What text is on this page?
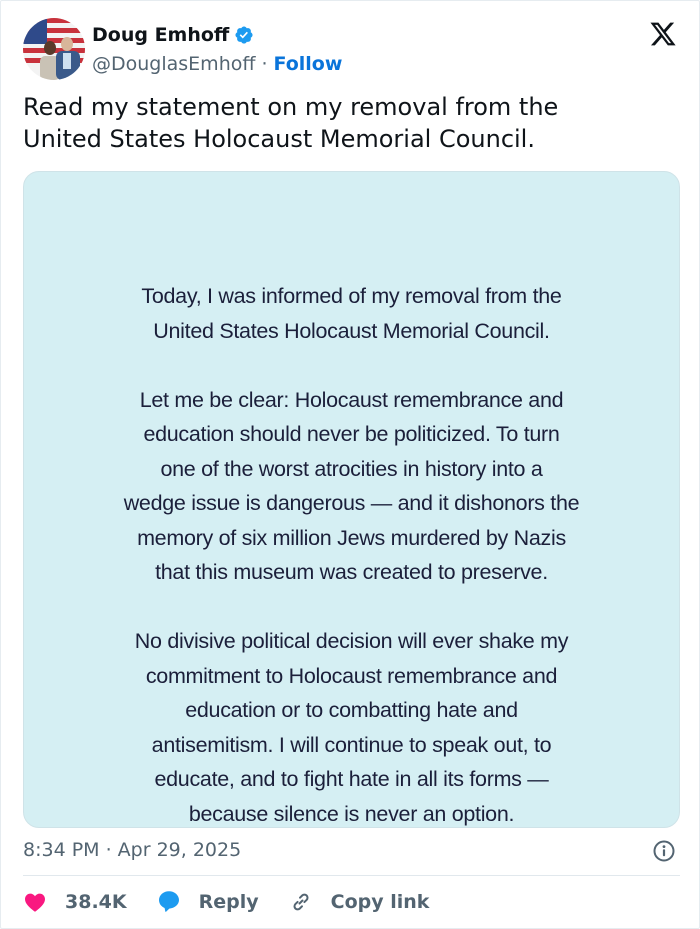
Doug Emhoff
@DouglasEmhoff · Follow
Read my statement on my removal from the
United States Holocaust Memorial Council.
Today, I was informed of my removal from the
United States Holocaust Memorial Council.
Let me be clear: Holocaust remembrance and
education should never be politicized. To turn
one of the worst atrocities in history into a
wedge issue is dangerous — and it dishonors the
memory of six million Jews murdered by Nazis
that this museum was created to preserve.
No divisive political decision will ever shake my
commitment to Holocaust remembrance and
education or to combatting hate and
antisemitism. I will continue to speak out, to
educate, and to fight hate in all its forms —
because silence is never an option.
8:34 PM · Apr 29, 2025
38.4K	Reply	Copy link
